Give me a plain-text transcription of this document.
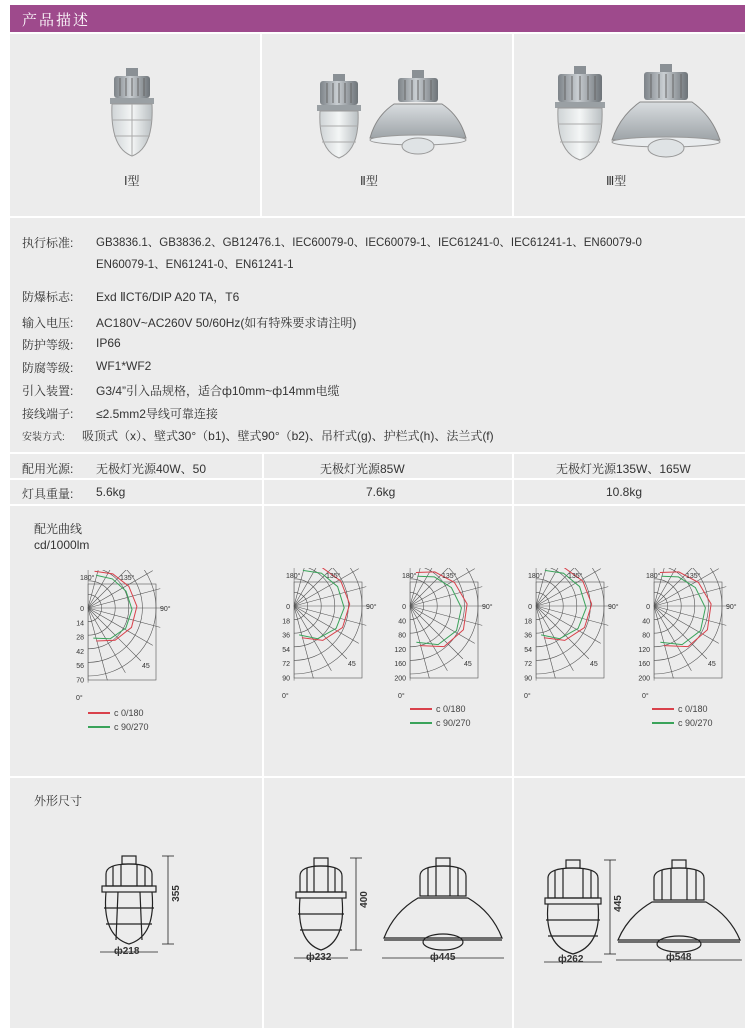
产品描述
Ⅰ型	Ⅱ型	Ⅲ型
执行标准: GB3836.1、GB3836.2、GB12476.1、IEC60079-0、IEC60079-1、IEC61241-0、IEC61241-1、EN60079-0
EN60079-1、EN61241-0、EN61241-1
防爆标志: Exd ⅡCT6/DIP A20 TA，T6
输入电压: AC180V~AC260V 50/60Hz(如有特殊要求请注明)
防护等级: IP66
防腐等级: WF1*WF2
引入装置: G3/4”引入品规格，适合ф10mm~ф14mm电缆
接线端子: ≤2.5mm2导线可靠连接
安装方式: 吸顶式（x）、壁式30°（b1)、壁式90°（b2)、吊杆式(g)、护栏式(h)、法兰式(f)
配用光源: 无极灯光源40W、50	无极灯光源85W	无极灯光源135W、165W
灯具重量: 5.6kg	7.6kg	10.8kg
配光曲线
cd/1000lm
180°	135°
90°
45
0°
0
14
28
42
56
70
180°	135°
90°
45
0°
0
18
36
54
72
90
180°	135°
90°
45
0°
0
40
80
120
160
200
180°	135°
90°
45
0°
0
18
36
54
72
90
180°	135°
90°
45
0°
0
40
80
120
160
200
c 0/180
c 90/270
c 0/180
c 90/270
c 0/180
c 90/270
外形尺寸
355
ф218
400
ф232	ф445
445
ф262	ф548
